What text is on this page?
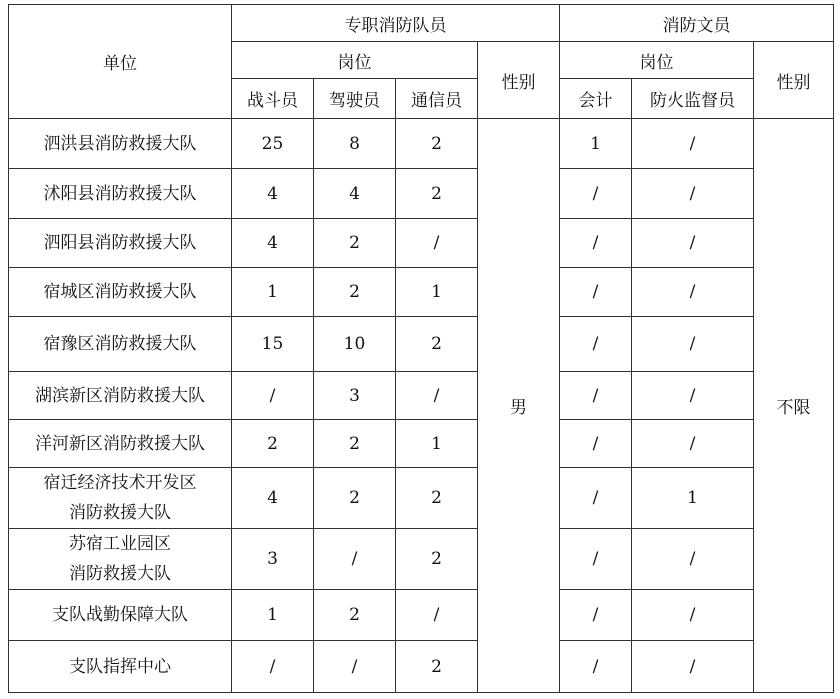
单位	专职消防队员				消防文员		
	岗位			性别	岗位		性别
	战斗员	驾驶员	通信员		会计	防火监督员	

泗洪县消防救援大队	25	8	2	男	1	/	不限

沭阳县消防救援大队	4	4	2		/	/	

泗阳县消防救援大队	4	2	/		/	/	

宿城区消防救援大队	1	2	1		/	/	

宿豫区消防救援大队	15	10	2		/	/	

湖滨新区消防救援大队	/	3	/		/	/	

洋河新区消防救援大队	2	2	1		/	/	

宿迁经济技术开发区
消防救援大队	4	2	2		/	1	

苏宿工业园区
消防救援大队	3	/	2		/	/	

支队战勤保障大队	1	2	/		/	/	

支队指挥中心	/	/	2		/	/	
